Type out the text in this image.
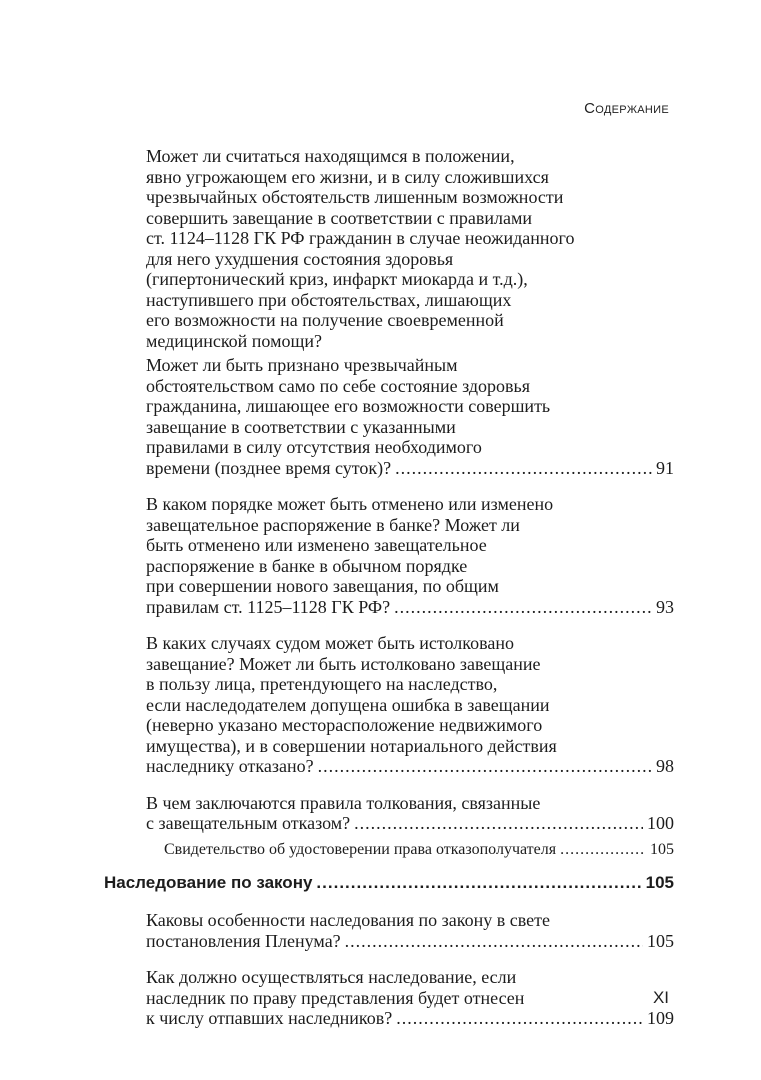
Содержание
Может ли считаться находящимся в положении,
явно угрожающем его жизни, и в силу сложившихся
чрезвычайных обстоятельств лишенным возможности
совершить завещание в соответствии с правилами
ст. 1124–1128 ГК РФ гражданин в случае неожиданного
для него ухудшения состояния здоровья
(гипертонический криз, инфаркт миокарда и т.д.),
наступившего при обстоятельствах, лишающих
его возможности на получение своевременной
медицинской помощи?
Может ли быть признано чрезвычайным
обстоятельством само по себе состояние здоровья
гражданина, лишающее его возможности совершить
завещание в соответствии с указанными
правилами в силу отсутствия необходимого
времени (позднее время суток)? .....	91
В каком порядке может быть отменено или изменено
завещательное распоряжение в банке? Может ли
быть отменено или изменено завещательное
распоряжение в банке в обычном порядке
при совершении нового завещания, по общим
правилам ст. 1125–1128 ГК РФ? .....	93
В каких случаях судом может быть истолковано
завещание? Может ли быть истолковано завещание
в пользу лица, претендующего на наследство,
если наследодателем допущена ошибка в завещании
(неверно указано месторасположение недвижимого
имущества), и в совершении нотариального действия
наследнику отказано? .....	98
В чем заключаются правила толкования, связанные
с завещательным отказом? .....	100
Свидетельство об удостоверении права отказополучателя .....	105
Наследование по закону .....	105
Каковы особенности наследования по закону в свете
постановления Пленума? .....	105
Как должно осуществляться наследование, если
наследник по праву представления будет отнесен
к числу отпавших наследников? .....	109
XI
